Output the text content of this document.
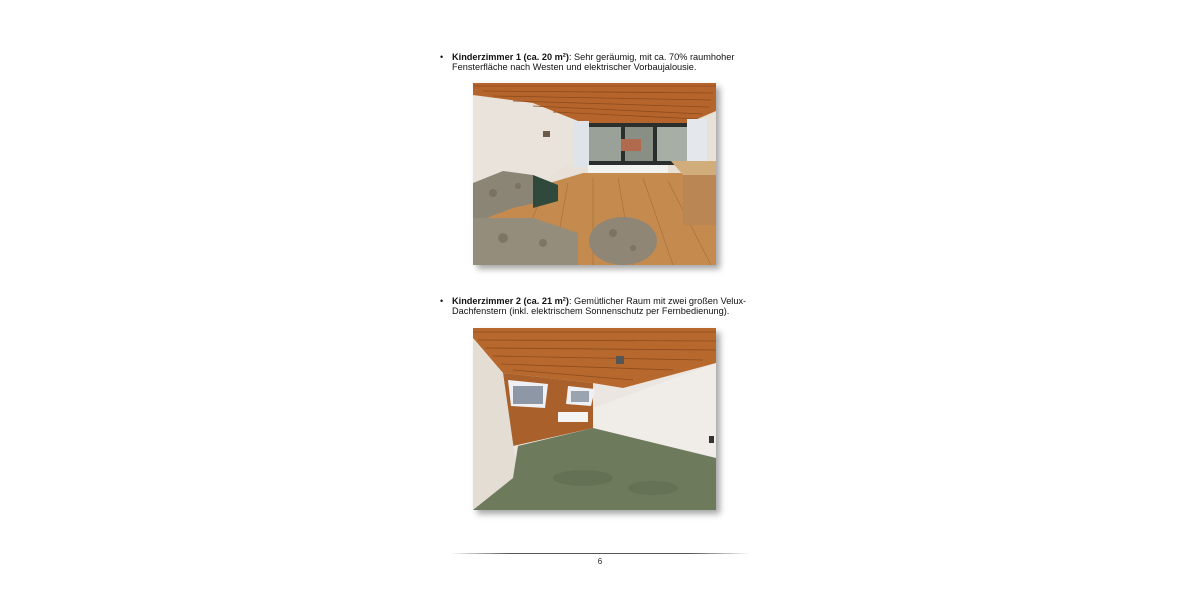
• Kinderzimmer 1 (ca. 20 m²): Sehr geräumig, mit ca. 70% raumhoher Fensterfläche nach Westen und elektrischer Vorbaujalousie.
• Kinderzimmer 2 (ca. 21 m²): Gemütlicher Raum mit zwei großen Velux-Dachfenstern (inkl. elektrischem Sonnenschutz per Fernbedienung).
6
